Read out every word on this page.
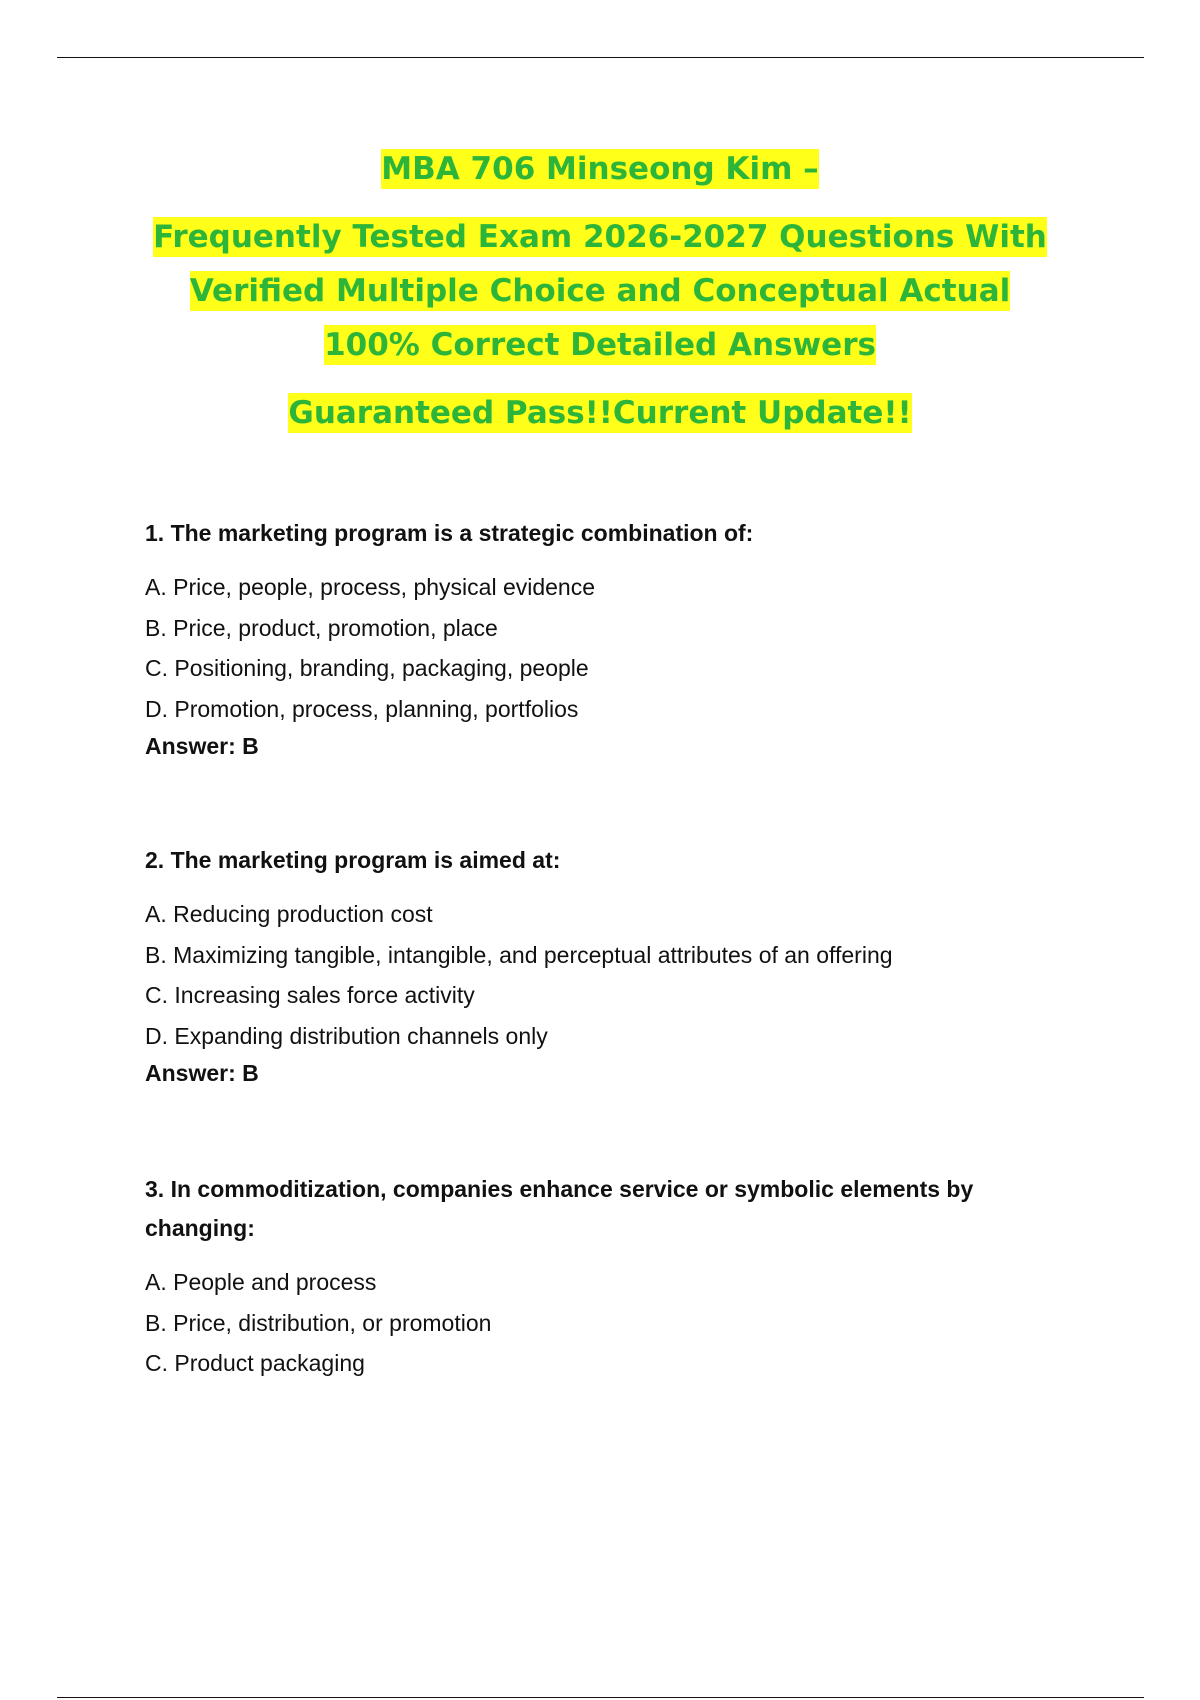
MBA 706 Minseong Kim –
Frequently Tested Exam 2026-2027 Questions With
Verified Multiple Choice and Conceptual Actual
100% Correct Detailed Answers
Guaranteed Pass!!Current Update!!

1. The marketing program is a strategic combination of:

A. Price, people, process, physical evidence
B. Price, product, promotion, place
C. Positioning, branding, packaging, people
D. Promotion, process, planning, portfolios

Answer: B

2. The marketing program is aimed at:

A. Reducing production cost
B. Maximizing tangible, intangible, and perceptual attributes of an offering
C. Increasing sales force activity
D. Expanding distribution channels only

Answer: B

3. In commoditization, companies enhance service or symbolic elements by changing:

A. People and process
B. Price, distribution, or promotion
C. Product packaging
